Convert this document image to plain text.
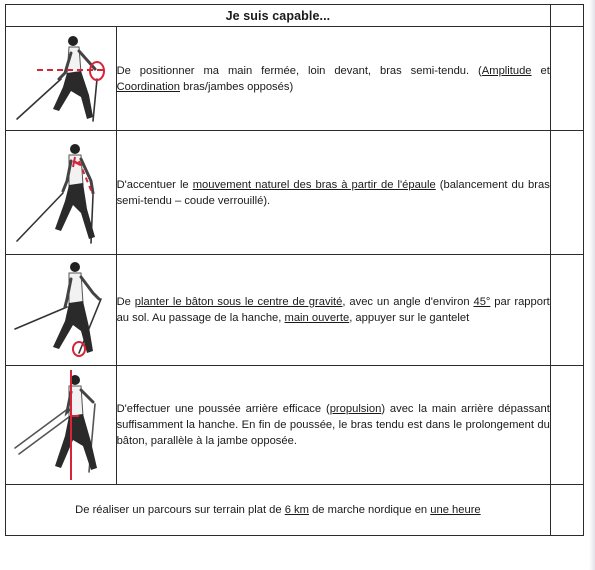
Je suis capable...		

	De positionner ma main fermée, loin devant, bras semi-tendu. (Amplitude et Coordination bras/jambes opposés)	

	D'accentuer le mouvement naturel des bras à partir de l'épaule (balancement du bras semi-tendu – coude verrouillé).	

	De planter le bâton sous le centre de gravité, avec un angle d'environ 45° par rapport au sol. Au passage de la hanche, main ouverte, appuyer sur le gantelet	

	D'effectuer une poussée arrière efficace (propulsion) avec la main arrière dépassant suffisamment la hanche. En fin de poussée, le bras tendu est dans le prolongement du bâton, parallèle à la jambe opposée.	
De réaliser un parcours sur terrain plat de 6 km de marche nordique en une heure		
